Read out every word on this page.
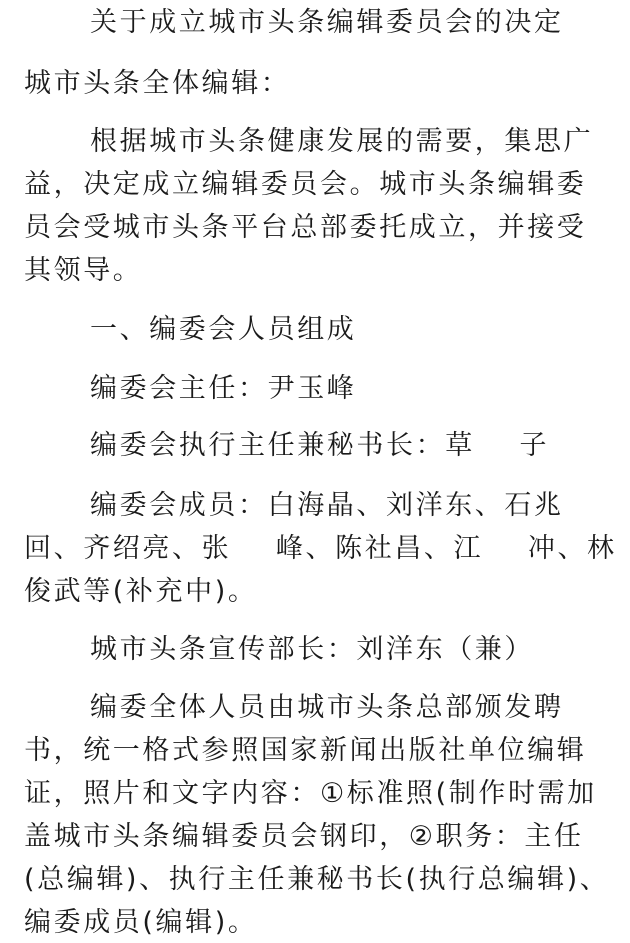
关于成立城市头条编辑委员会的决定
城市头条全体编辑：
根据城市头条健康发展的需要，集思广
益，决定成立编辑委员会。城市头条编辑委
员会受城市头条平台总部委托成立，并接受
其领导。
一、编委会人员组成
编委会主任：尹玉峰
编委会执行主任兼秘书长：草    子
编委会成员：白海晶、刘洋东、石兆
回、齐绍亮、张    峰、陈社昌、江    冲、林
俊武等(补充中)。
城市头条宣传部长：刘洋东（兼）
编委全体人员由城市头条总部颁发聘
书，统一格式参照国家新闻出版社单位编辑
证，照片和文字内容：①标准照(制作时需加
盖城市头条编辑委员会钢印，②职务：主任
(总编辑)、执行主任兼秘书长(执行总编辑)、
编委成员(编辑)。
